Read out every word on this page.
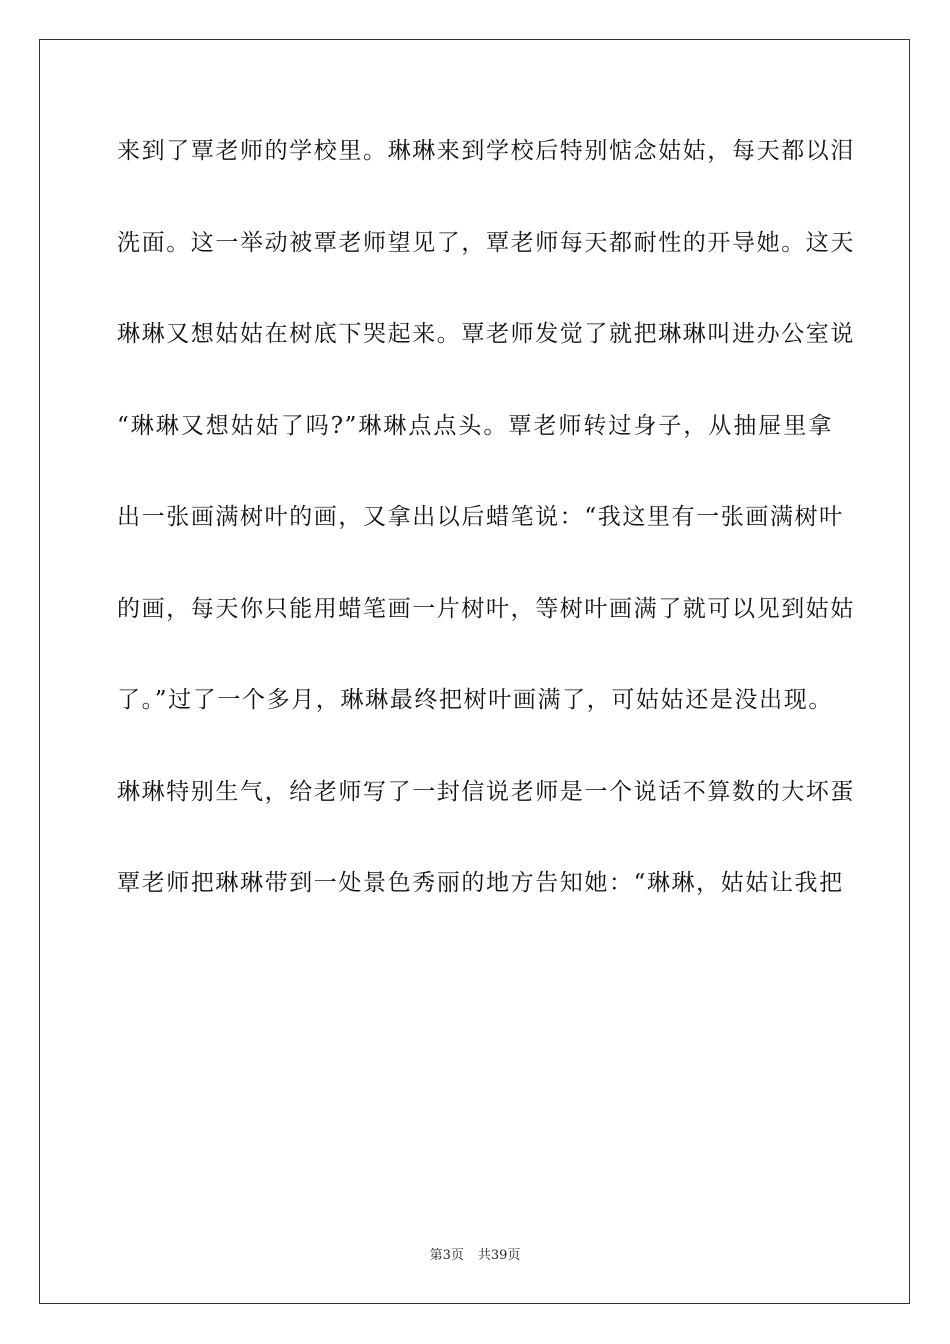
来到了覃老师的学校里。琳琳来到学校后特别惦念姑姑，每天都以泪
洗面。这一举动被覃老师望见了，覃老师每天都耐性的开导她。这天
琳琳又想姑姑在树底下哭起来。覃老师发觉了就把琳琳叫进办公室说
“琳琳又想姑姑了吗?”琳琳点点头。覃老师转过身子，从抽屉里拿
出一张画满树叶的画，又拿出以后蜡笔说：“我这里有一张画满树叶
的画，每天你只能用蜡笔画一片树叶，等树叶画满了就可以见到姑姑
了。”过了一个多月，琳琳最终把树叶画满了，可姑姑还是没出现。
琳琳特别生气，给老师写了一封信说老师是一个说话不算数的大坏蛋
覃老师把琳琳带到一处景色秀丽的地方告知她：“琳琳，姑姑让我把
第3页 共39页
